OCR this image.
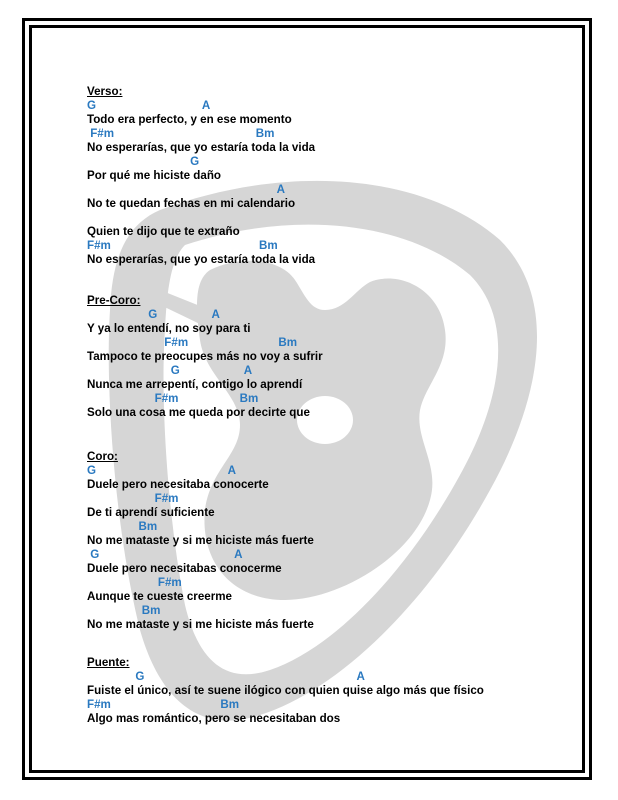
Verso:
G                                 A
Todo era perfecto, y en ese momento
F#m                                            Bm
No esperarías, que yo estaría toda la vida
G
Por qué me hiciste daño
A
No te quedan fechas en mi calendario
Quien te dijo que te extraño
F#m                                              Bm
No esperarías, que yo estaría toda la vida
Pre-Coro:
G                 A
Y ya lo entendí, no soy para ti
F#m                            Bm
Tampoco te preocupes más no voy a sufrir
G                    A
Nunca me arrepentí, contigo lo aprendí
F#m                   Bm
Solo una cosa me queda por decirte que
Coro:
G                                         A
Duele pero necesitaba conocerte
F#m
De ti aprendí suficiente
Bm
No me mataste y si me hiciste más fuerte
G                                          A
Duele pero necesitabas conocerme
F#m
Aunque te cueste creerme
Bm
No me mataste y si me hiciste más fuerte
Puente:
G                                                                  A
Fuiste el único, así te suene ilógico con quien quise algo más que físico
F#m                                  Bm
Algo mas romántico, pero se necesitaban dos
